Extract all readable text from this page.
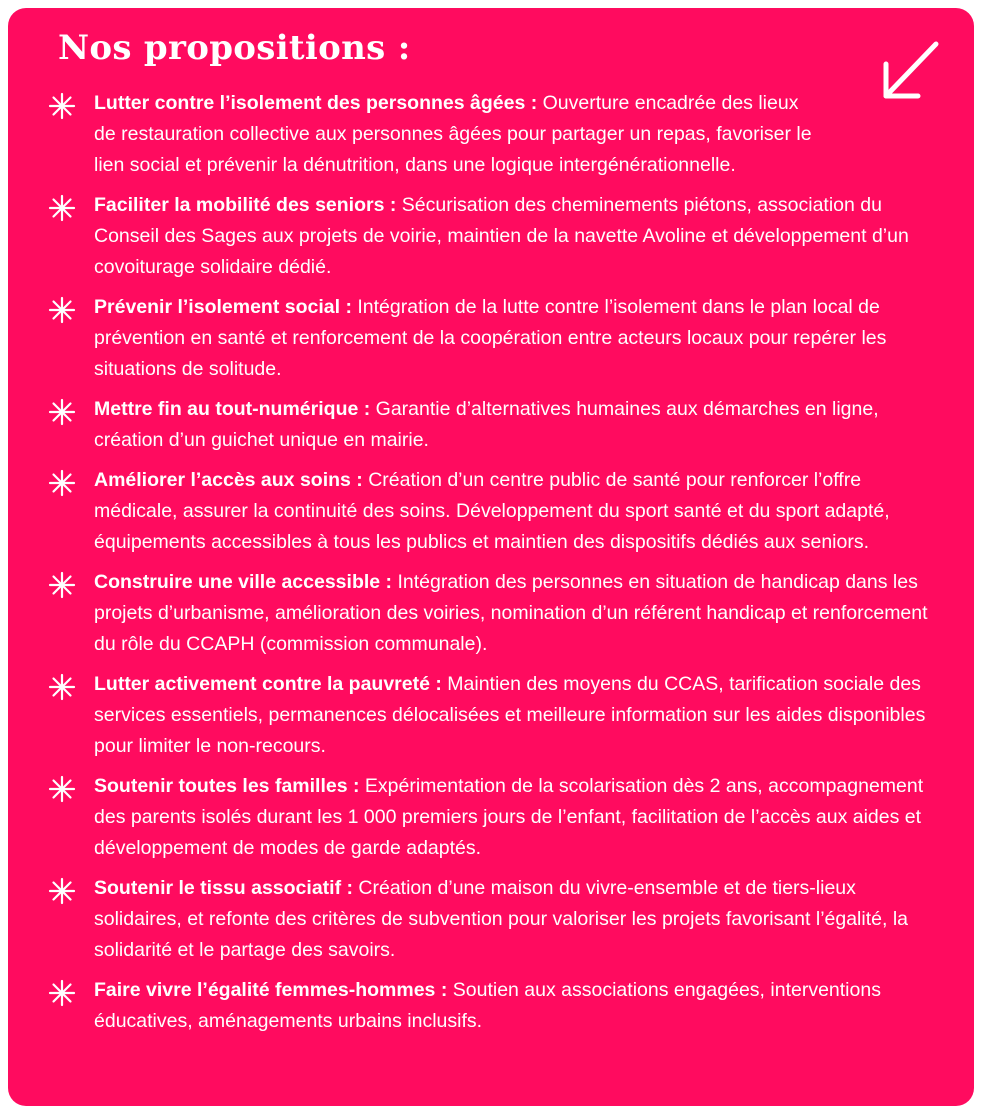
Nos propositions :
Lutter contre l’isolement des personnes âgées : Ouverture encadrée des lieux de restauration collective aux personnes âgées pour partager un repas, favoriser le lien social et prévenir la dénutrition, dans une logique intergénérationnelle.
Faciliter la mobilité des seniors : Sécurisation des cheminements piétons, association du Conseil des Sages aux projets de voirie, maintien de la navette Avoline et développement d’un covoiturage solidaire dédié.
Prévenir l’isolement social : Intégration de la lutte contre l’isolement dans le plan local de prévention en santé et renforcement de la coopération entre acteurs locaux pour repérer les situations de solitude.
Mettre fin au tout-numérique : Garantie d’alternatives humaines aux démarches en ligne, création d’un guichet unique en mairie.
Améliorer l’accès aux soins : Création d’un centre public de santé pour renforcer l’offre médicale, assurer la continuité des soins. Développement du sport santé et du sport adapté, équipements accessibles à tous les publics et maintien des dispositifs dédiés aux seniors.
Construire une ville accessible : Intégration des personnes en situation de handicap dans les projets d’urbanisme, amélioration des voiries, nomination d’un référent handicap et renforcement du rôle du CCAPH (commission communale).
Lutter activement contre la pauvreté : Maintien des moyens du CCAS, tarification sociale des services essentiels, permanences délocalisées et meilleure information sur les aides disponibles pour limiter le non-recours.
Soutenir toutes les familles : Expérimentation de la scolarisation dès 2 ans, accompagnement des parents isolés durant les 1 000 premiers jours de l’enfant, facilitation de l’accès aux aides et développement de modes de garde adaptés.
Soutenir le tissu associatif : Création d’une maison du vivre-ensemble et de tiers-lieux solidaires, et refonte des critères de subvention pour valoriser les projets favorisant l’égalité, la solidarité et le partage des savoirs.
Faire vivre l’égalité femmes-hommes : Soutien aux associations engagées, interventions éducatives, aménagements urbains inclusifs.
